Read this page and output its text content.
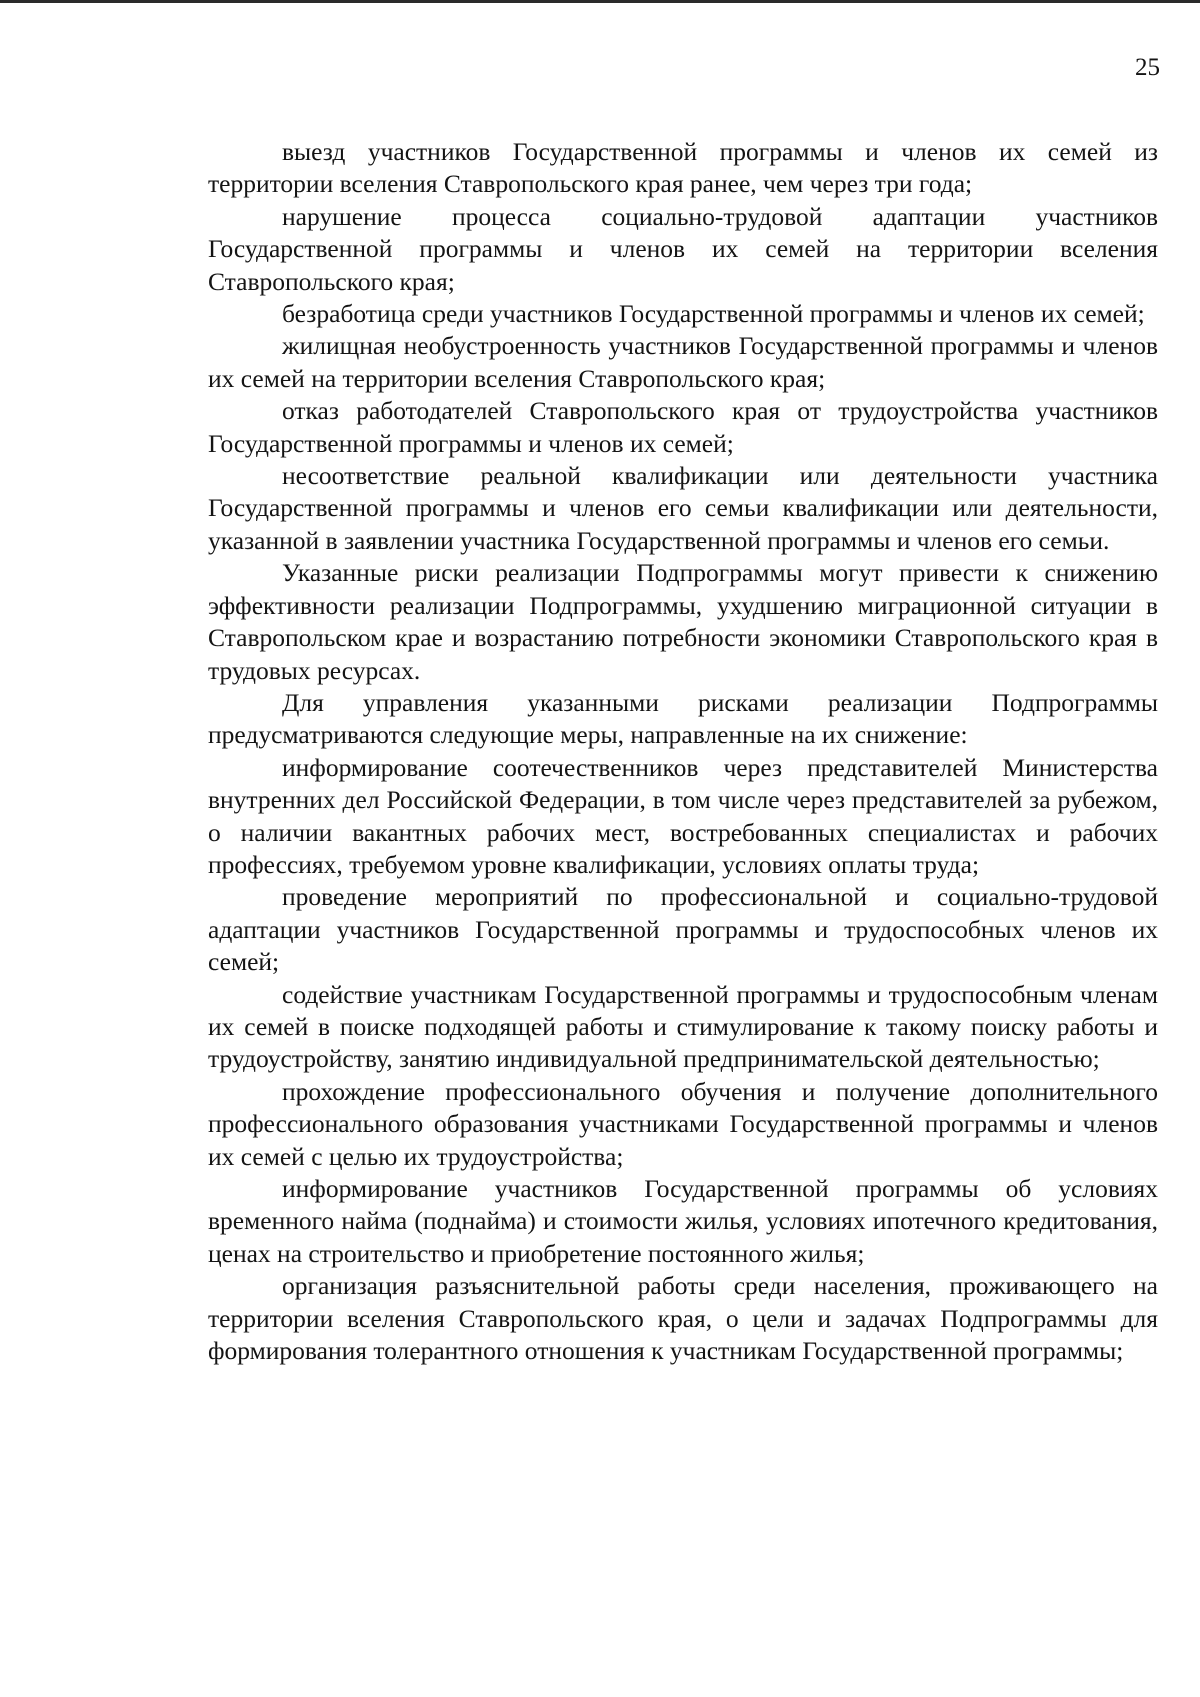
25

выезд участников Государственной программы и членов их семей из территории вселения Ставропольского края ранее, чем через три года;

нарушение процесса социально-трудовой адаптации участников Государственной программы и членов их семей на территории вселения Ставропольского края;

безработица среди участников Государственной программы и членов их семей;

жилищная необустроенность участников Государственной программы и членов их семей на территории вселения Ставропольского края;

отказ работодателей Ставропольского края от трудоустройства участников Государственной программы и членов их семей;

несоответствие реальной квалификации или деятельности участника Государственной программы и членов его семьи квалификации или деятельности, указанной в заявлении участника Государственной программы и членов его семьи.

Указанные риски реализации Подпрограммы могут привести к снижению эффективности реализации Подпрограммы, ухудшению миграционной ситуации в Ставропольском крае и возрастанию потребности экономики Ставропольского края в трудовых ресурсах.

Для управления указанными рисками реализации Подпрограммы предусматриваются следующие меры, направленные на их снижение:

информирование соотечественников через представителей Министерства внутренних дел Российской Федерации, в том числе через представителей за рубежом, о наличии вакантных рабочих мест, востребованных специалистах и рабочих профессиях, требуемом уровне квалификации, условиях оплаты труда;

проведение мероприятий по профессиональной и социально-трудовой адаптации участников Государственной программы и трудоспособных членов их семей;

содействие участникам Государственной программы и трудоспособным членам их семей в поиске подходящей работы и стимулирование к такому поиску работы и трудоустройству, занятию индивидуальной предпринимательской деятельностью;

прохождение профессионального обучения и получение дополнительного профессионального образования участниками Государственной программы и членов их семей с целью их трудоустройства;

информирование участников Государственной программы об условиях временного найма (поднайма) и стоимости жилья, условиях ипотечного кредитования, ценах на строительство и приобретение постоянного жилья;

организация разъяснительной работы среди населения, проживающего на территории вселения Ставропольского края, о цели и задачах Подпрограммы для формирования толерантного отношения к участникам Государственной программы;
